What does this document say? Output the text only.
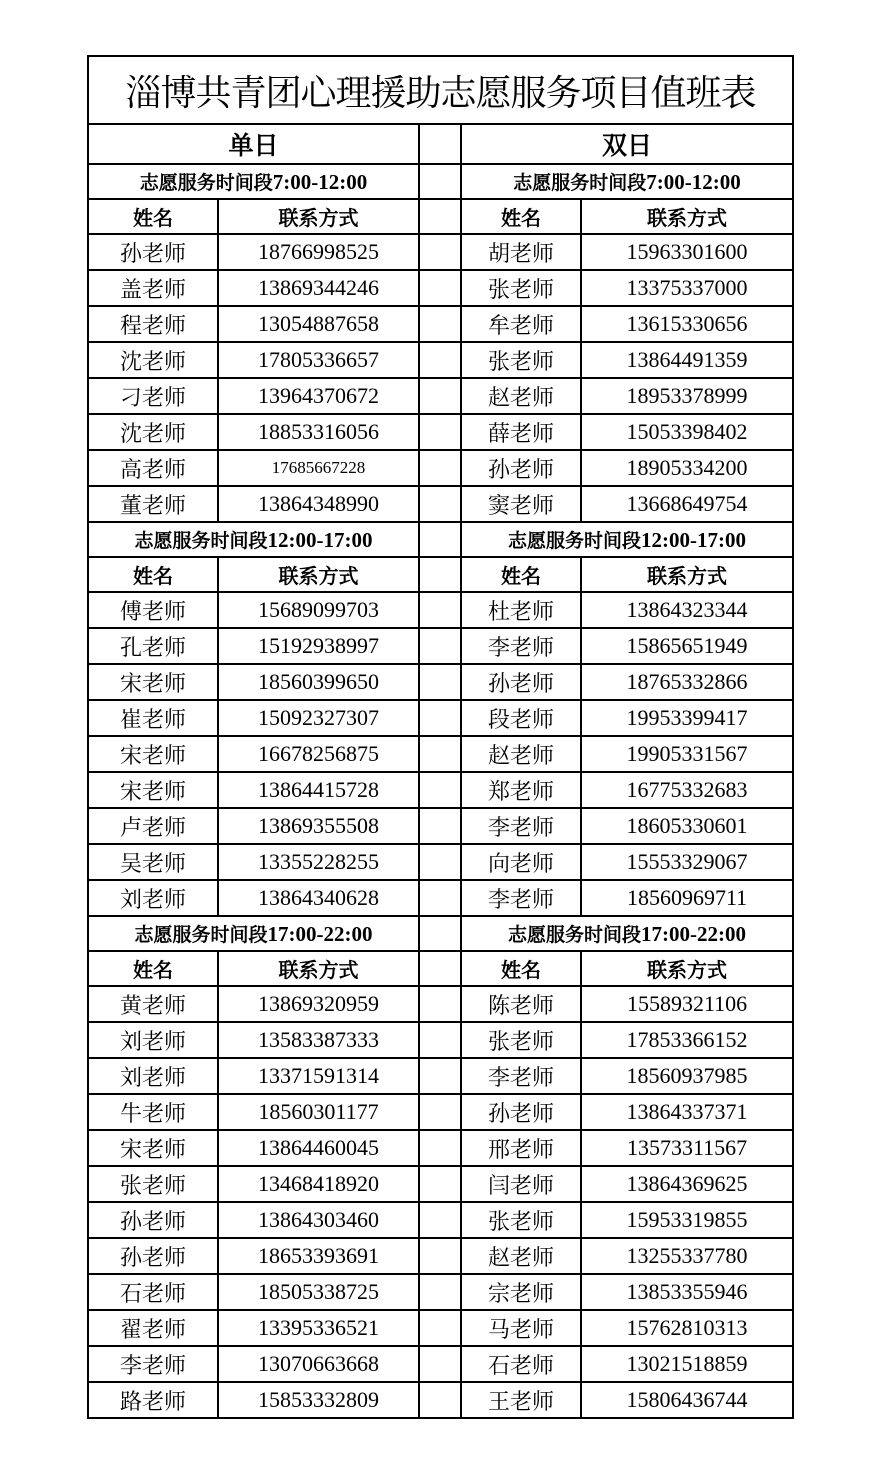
淄博共青团心理援助志愿服务项目值班表				
单日			双日	
志愿服务时间段7:00-12:00			志愿服务时间段7:00-12:00	
姓名	联系方式		姓名	联系方式
孙老师	18766998525		胡老师	15963301600
盖老师	13869344246		张老师	13375337000
程老师	13054887658		牟老师	13615330656
沈老师	17805336657		张老师	13864491359
刁老师	13964370672		赵老师	18953378999
沈老师	18853316056		薛老师	15053398402
高老师	17685667228		孙老师	18905334200
董老师	13864348990		窦老师	13668649754
志愿服务时间段12:00-17:00			志愿服务时间段12:00-17:00	
姓名	联系方式		姓名	联系方式
傅老师	15689099703		杜老师	13864323344
孔老师	15192938997		李老师	15865651949
宋老师	18560399650		孙老师	18765332866
崔老师	15092327307		段老师	19953399417
宋老师	16678256875		赵老师	19905331567
宋老师	13864415728		郑老师	16775332683
卢老师	13869355508		李老师	18605330601
吴老师	13355228255		向老师	15553329067
刘老师	13864340628		李老师	18560969711
志愿服务时间段17:00-22:00			志愿服务时间段17:00-22:00	
姓名	联系方式		姓名	联系方式
黄老师	13869320959		陈老师	15589321106
刘老师	13583387333		张老师	17853366152
刘老师	13371591314		李老师	18560937985
牛老师	18560301177		孙老师	13864337371
宋老师	13864460045		邢老师	13573311567
张老师	13468418920		闫老师	13864369625
孙老师	13864303460		张老师	15953319855
孙老师	18653393691		赵老师	13255337780
石老师	18505338725		宗老师	13853355946
翟老师	13395336521		马老师	15762810313
李老师	13070663668		石老师	13021518859
路老师	15853332809		王老师	15806436744
